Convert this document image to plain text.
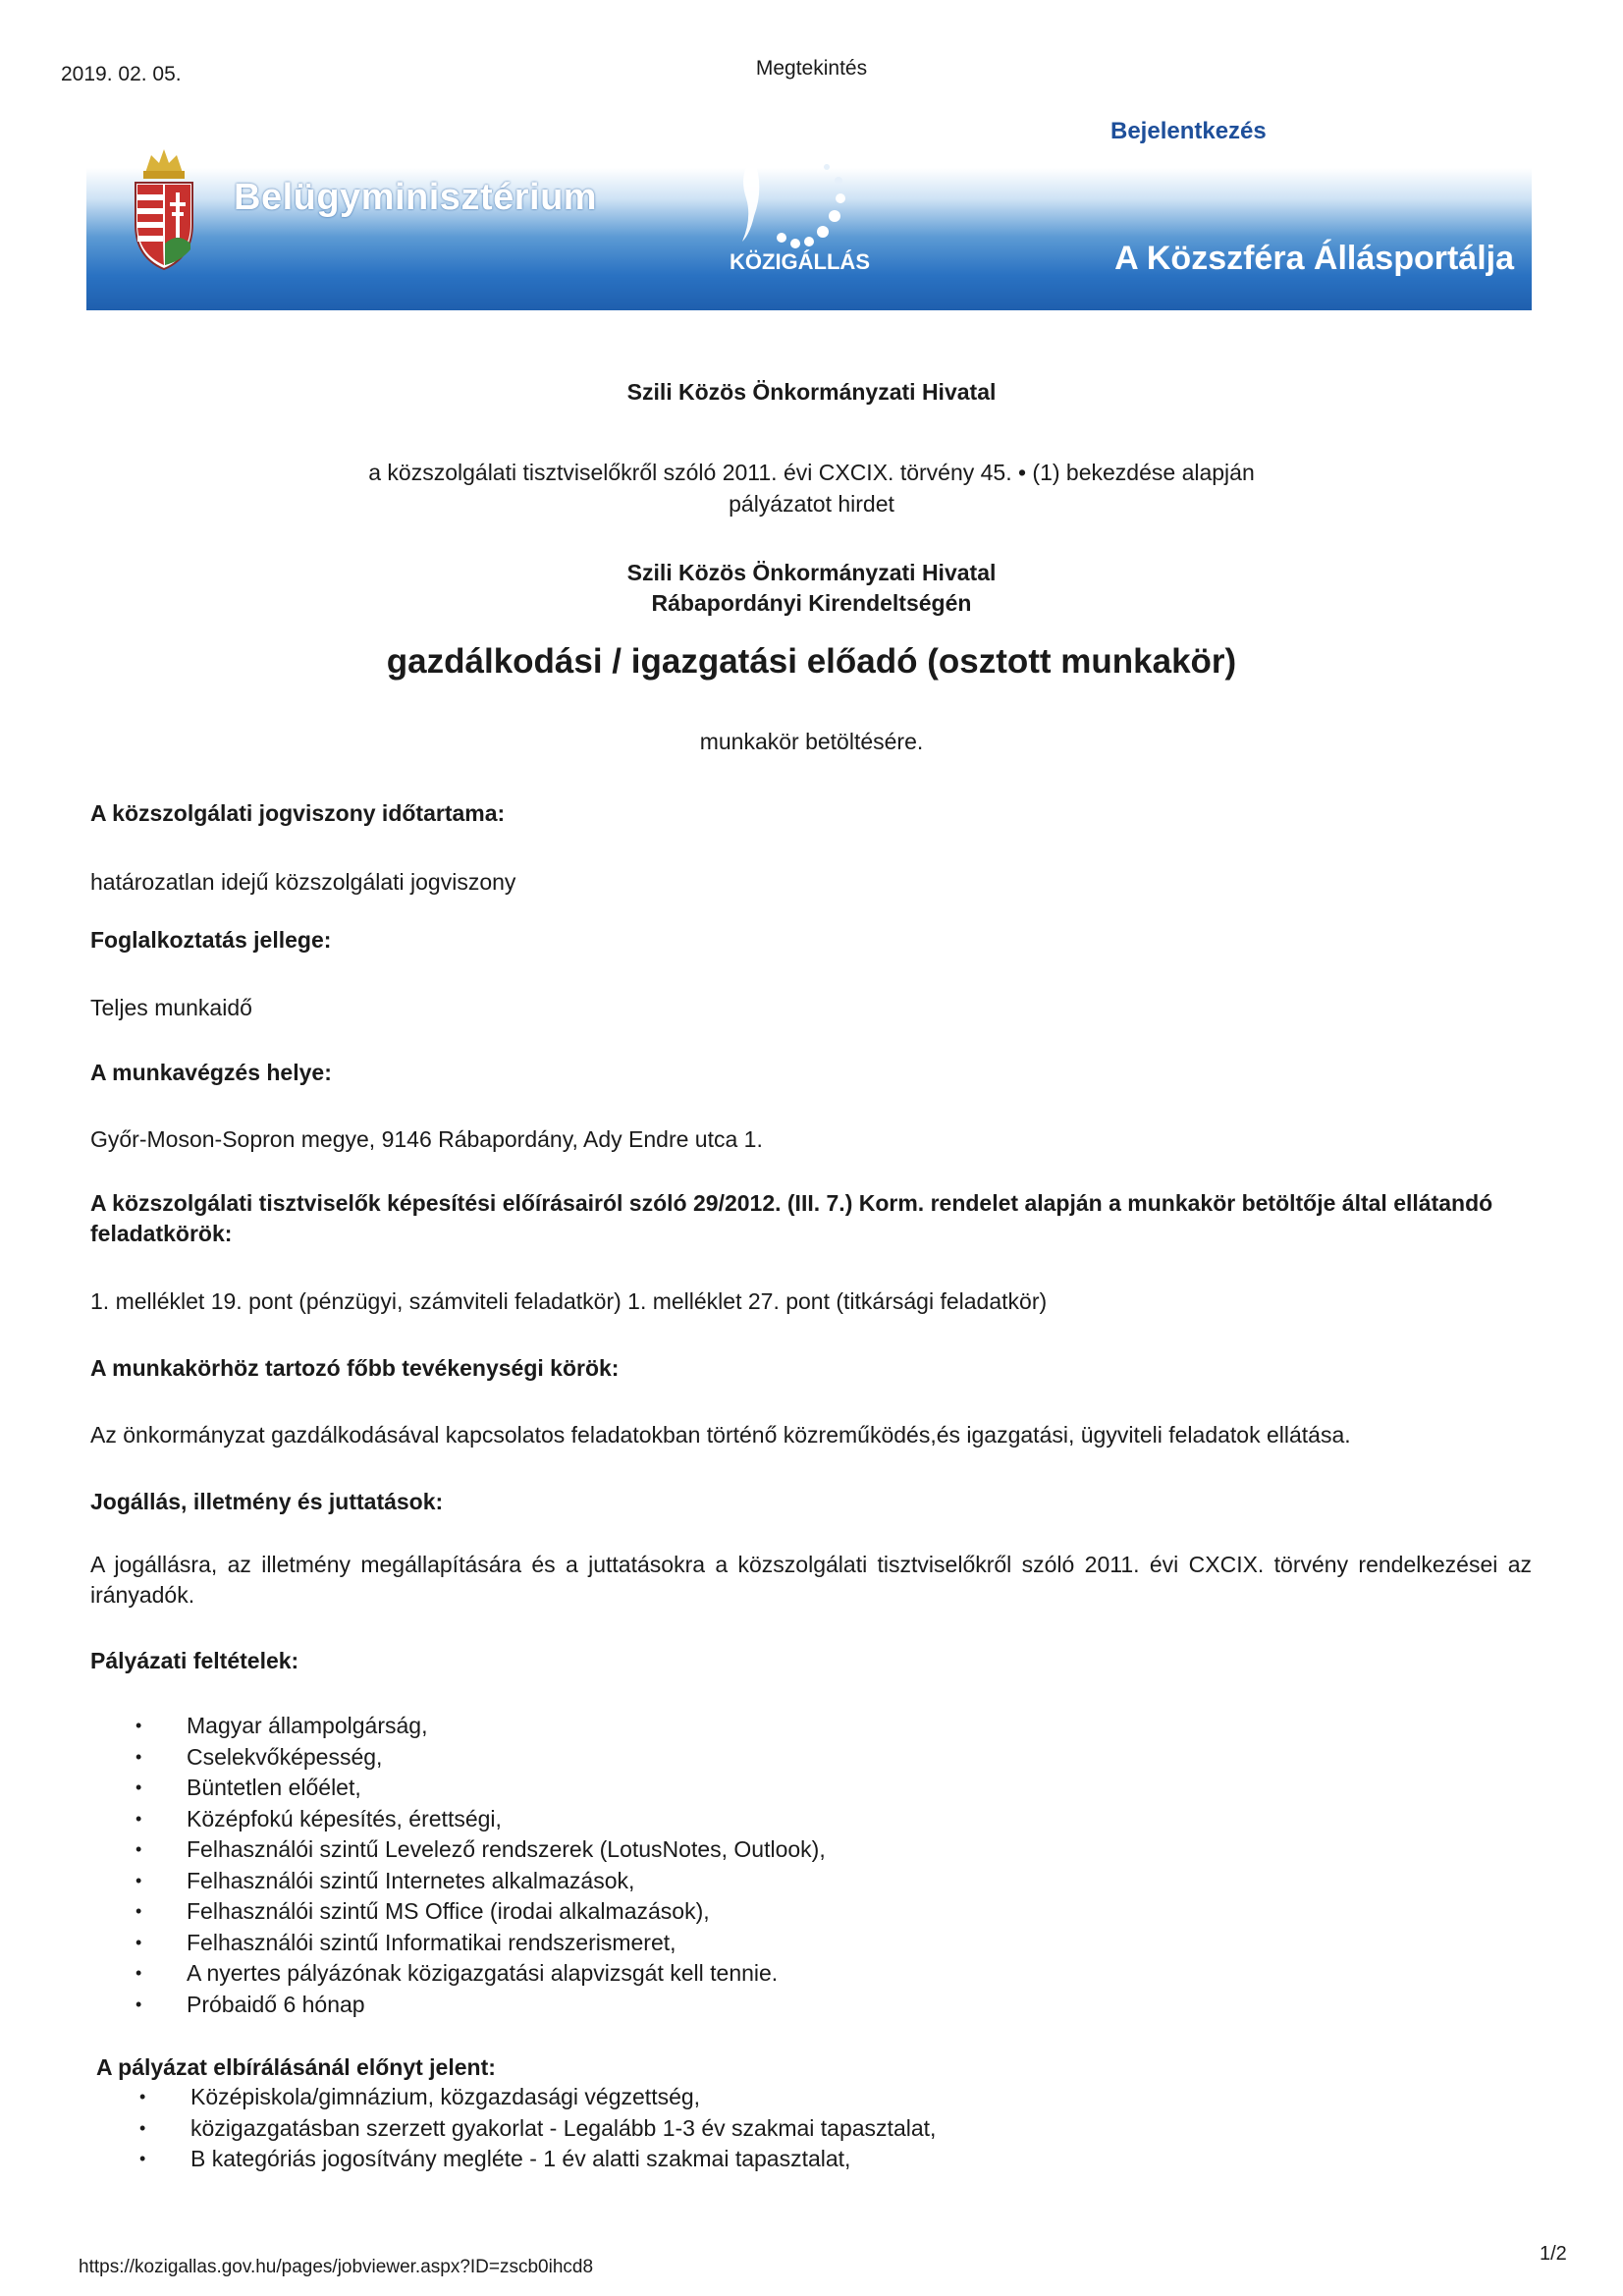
2019. 02. 05.	Megtekintés
Belügyminisztérium
KÖZIGÁLLÁS
Bejelentkezés
A Közszféra Állásportálja
Szili Közös Önkormányzati Hivatal
a közszolgálati tisztviselőkről szóló 2011. évi CXCIX. törvény 45. • (1) bekezdése alapján
pályázatot hirdet
Szili Közös Önkormányzati Hivatal
Rábapordányi Kirendeltségén
gazdálkodási / igazgatási előadó (osztott munkakör)
munkakör betöltésére.
A közszolgálati jogviszony időtartama:
határozatlan idejű közszolgálati jogviszony
Foglalkoztatás jellege:
Teljes munkaidő
A munkavégzés helye:
Győr-Moson-Sopron megye, 9146 Rábapordány, Ady Endre utca 1.
A közszolgálati tisztviselők képesítési előírásairól szóló 29/2012. (III. 7.) Korm. rendelet alapján a munkakör betöltője által ellátandó feladatkörök:
1. melléklet 19. pont (pénzügyi, számviteli feladatkör) 1. melléklet 27. pont (titkársági feladatkör)
A munkakörhöz tartozó főbb tevékenységi körök:
Az önkormányzat gazdálkodásával kapcsolatos feladatokban történő közreműködés,és igazgatási, ügyviteli feladatok ellátása.
Jogállás, illetmény és juttatások:
A jogállásra, az illetmény megállapítására és a juttatásokra a közszolgálati tisztviselőkről szóló 2011. évi CXCIX. törvény rendelkezései az irányadók.
Pályázati feltételek:
• Magyar állampolgárság,
• Cselekvőképesség,
• Büntetlen előélet,
• Középfokú képesítés, érettségi,
• Felhasználói szintű Levelező rendszerek (LotusNotes, Outlook),
• Felhasználói szintű Internetes alkalmazások,
• Felhasználói szintű MS Office (irodai alkalmazások),
• Felhasználói szintű Informatikai rendszerismeret,
• A nyertes pályázónak közigazgatási alapvizsgát kell tennie.
• Próbaidő 6 hónap
A pályázat elbírálásánál előnyt jelent:
• Középiskola/gimnázium, közgazdasági végzettség,
• közigazgatásban szerzett gyakorlat - Legalább 1-3 év szakmai tapasztalat,
• B kategóriás jogosítvány megléte - 1 év alatti szakmai tapasztalat,
https://kozigallas.gov.hu/pages/jobviewer.aspx?ID=zscb0ihcd8
1/2
